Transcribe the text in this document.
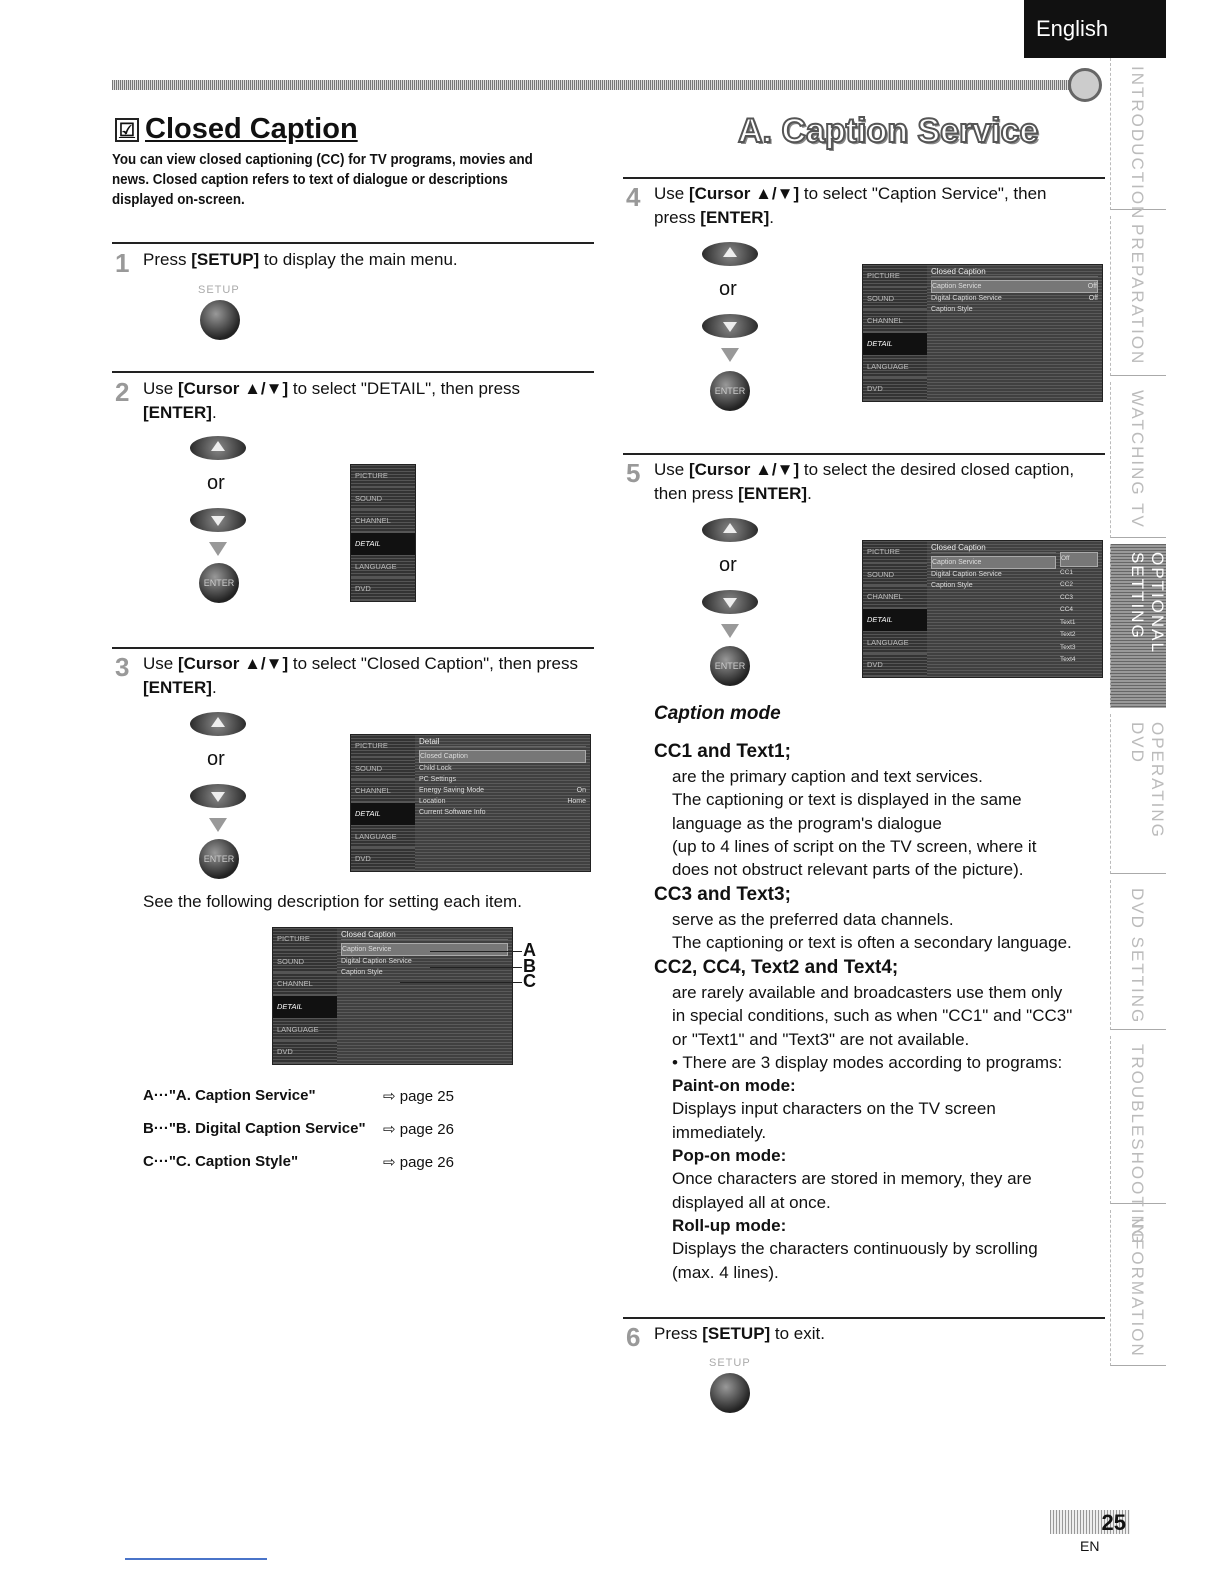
English
☑ Closed Caption
You can view closed captioning (CC) for TV programs, movies and news. Closed caption refers to text of dialogue or descriptions displayed on-screen.
1 Press [SETUP] to display the main menu.
SETUP
2 Use [Cursor ▲/▼] to select "DETAIL", then press [ENTER].
or
ENTER
PICTURE
SOUND
CHANNEL
DETAIL
LANGUAGE
DVD
3 Use [Cursor ▲/▼] to select "Closed Caption", then press [ENTER].
or
ENTER
PICTURE
SOUND
CHANNEL
DETAIL
LANGUAGE
DVD
Detail
Closed Caption
Child Lock
PC Settings
Energy Saving Mode	On
Location	Home
Current Software Info
See the following description for setting each item.
PICTURE
SOUND
CHANNEL
DETAIL
LANGUAGE
DVD
Closed Caption
Caption Service
Digital Caption Service
Caption Style
A
B
C
A···"A. Caption Service"	⇨ page 25
B···"B. Digital Caption Service" ⇨ page 26
C···"C. Caption Style"	⇨ page 26
A. Caption Service
4 Use [Cursor ▲/▼] to select "Caption Service", then press [ENTER].
or
ENTER
PICTURE
SOUND
CHANNEL
DETAIL
LANGUAGE
DVD
Closed Caption
Caption Service	Off
Digital Caption Service	Off
Caption Style
5 Use [Cursor ▲/▼] to select the desired closed caption, then press [ENTER].
or
ENTER
PICTURE
SOUND
CHANNEL
DETAIL
LANGUAGE
DVD
Closed Caption
Caption Service
Digital Caption Service
Caption Style
Off
CC1
CC2
CC3
CC4
Text1
Text2
Text3
Text4
Caption mode
CC1 and Text1;
are the primary caption and text services.
The captioning or text is displayed in the same
language as the program's dialogue
(up to 4 lines of script on the TV screen, where it
does not obstruct relevant parts of the picture).
CC3 and Text3;
serve as the preferred data channels.
The captioning or text is often a secondary language.
CC2, CC4, Text2 and Text4;
are rarely available and broadcasters use them only
in special conditions, such as when "CC1" and "CC3"
or "Text1" and "Text3" are not available.
• There are 3 display modes according to programs:
Paint-on mode:
Displays input characters on the TV screen
immediately.
Pop-on mode:
Once characters are stored in memory, they are
displayed all at once.
Roll-up mode:
Displays the characters continuously by scrolling
(max. 4 lines).
6 Press [SETUP] to exit.
SETUP
INTRODUCTION
PREPARATION
WATCHING TV
OPTIONAL SETTING
OPERATING DVD
DVD SETTING
TROUBLESHOOTING
INFORMATION
25
EN
